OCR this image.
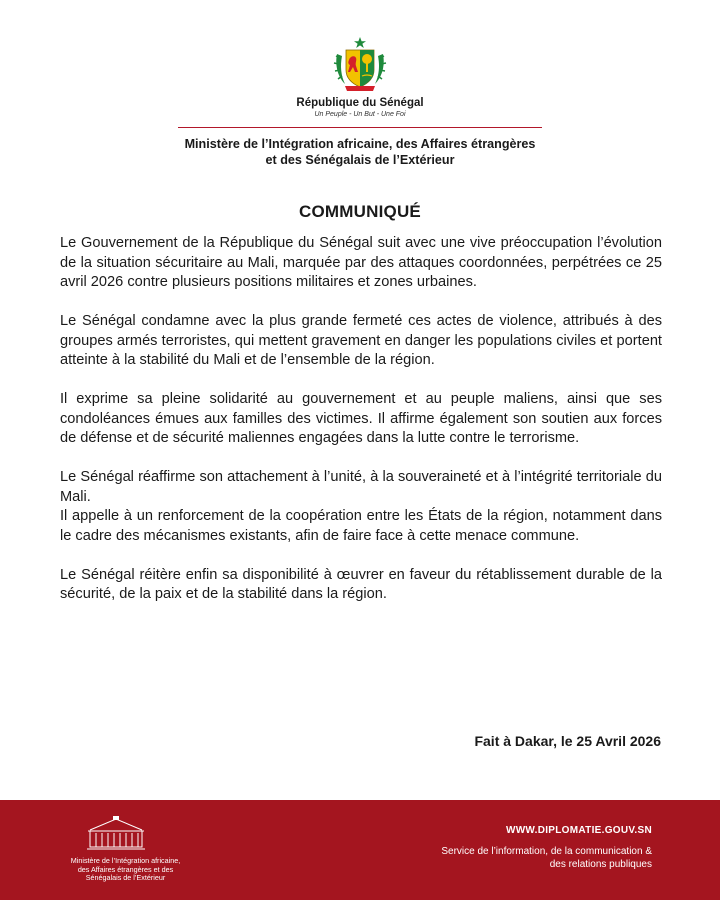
République du Sénégal
Un Peuple - Un But - Une Foi
Ministère de l’Intégration africaine, des Affaires étrangères
et des Sénégalais de l’Extérieur
COMMUNIQUÉ

Le Gouvernement de la République du Sénégal suit avec une vive préoccupation l’évolution de la situation sécuritaire au Mali, marquée par des attaques coordonnées, perpétrées ce 25 avril 2026 contre plusieurs positions militaires et zones urbaines.

Le Sénégal condamne avec la plus grande fermeté ces actes de violence, attribués à des groupes armés terroristes, qui mettent gravement en danger les populations civiles et portent atteinte à la stabilité du Mali et de l’ensemble de la région.

Il exprime sa pleine solidarité au gouvernement et au peuple maliens, ainsi que ses condoléances émues aux familles des victimes. Il affirme également son soutien aux forces de défense et de sécurité maliennes engagées dans la lutte contre le terrorisme.

Le Sénégal réaffirme son attachement à l’unité, à la souveraineté et à l’intégrité territoriale du Mali.

Il appelle à un renforcement de la coopération entre les États de la région, notamment dans le cadre des mécanismes existants, afin de faire face à cette menace commune.

Le Sénégal réitère enfin sa disponibilité à œuvrer en faveur du rétablissement durable de la sécurité, de la paix et de la stabilité dans la région.

Fait à Dakar, le 25 Avril 2026
Ministère de l’Intégration africaine,
des Affaires étrangères et des
Sénégalais de l’Extérieur
WWW.DIPLOMATIE.GOUV.SN
Service de l’information, de la communication &
des relations publiques
